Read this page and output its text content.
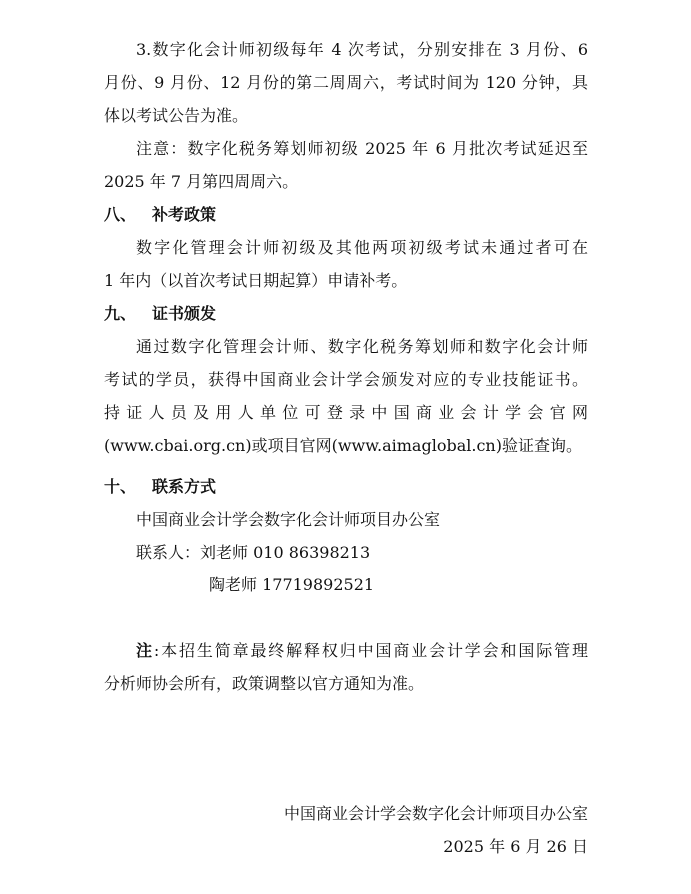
3.数字化会计师初级每年 4 次考试，分别安排在 3 月份、6
月份、9 月份、12 月份的第二周周六，考试时间为 120 分钟，具
体以考试公告为准。
注意：数字化税务筹划师初级 2025 年 6 月批次考试延迟至
2025 年 7 月第四周周六。
八、 补考政策
数字化管理会计师初级及其他两项初级考试未通过者可在
1 年内（以首次考试日期起算）申请补考。
九、 证书颁发
通过数字化管理会计师、数字化税务筹划师和数字化会计师
考试的学员，获得中国商业会计学会颁发对应的专业技能证书。
持证人员及用人单位可登录中国商业会计学会官网
(www.cbai.org.cn)或项目官网(www.aimaglobal.cn)验证查询。
十、 联系方式
中国商业会计学会数字化会计师项目办公室
联系人：刘老师 010 86398213
陶老师 17719892521
注:本招生简章最终解释权归中国商业会计学会和国际管理
分析师协会所有，政策调整以官方通知为准。
中国商业会计学会数字化会计师项目办公室
2025 年 6 月 26 日
